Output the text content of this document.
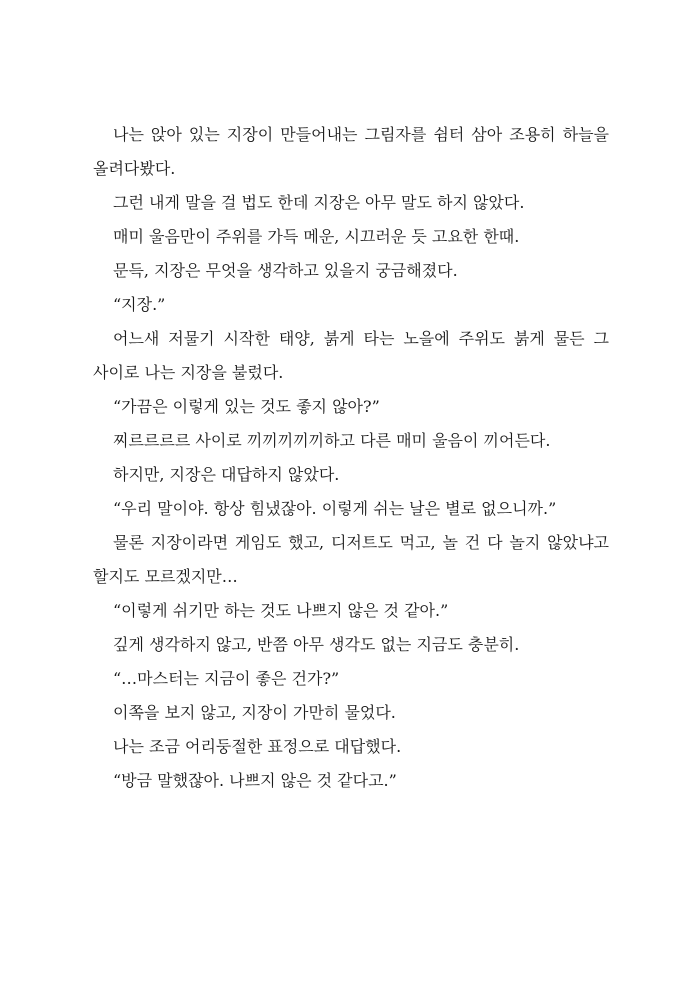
나는 앉아 있는 지장이 만들어내는 그림자를 쉼터 삼아 조용히 하늘을 올려다봤다.

그런 내게 말을 걸 법도 한데 지장은 아무 말도 하지 않았다.

매미 울음만이 주위를 가득 메운, 시끄러운 듯 고요한 한때.

문득, 지장은 무엇을 생각하고 있을지 궁금해졌다.

“지장.”

어느새 저물기 시작한 태양, 붉게 타는 노을에 주위도 붉게 물든 그 사이로 나는 지장을 불렀다.

“가끔은 이렇게 있는 것도 좋지 않아?”

찌르르르르 사이로 끼끼끼끼끼하고 다른 매미 울음이 끼어든다.

하지만, 지장은 대답하지 않았다.

“우리 말이야. 항상 힘냈잖아. 이렇게 쉬는 날은 별로 없으니까.”

물론 지장이라면 게임도 했고, 디저트도 먹고, 놀 건 다 놀지 않았냐고 할지도 모르겠지만…

“이렇게 쉬기만 하는 것도 나쁘지 않은 것 같아.”

깊게 생각하지 않고, 반쯤 아무 생각도 없는 지금도 충분히.

“…마스터는 지금이 좋은 건가?”

이쪽을 보지 않고, 지장이 가만히 물었다.

나는 조금 어리둥절한 표정으로 대답했다.

“방금 말했잖아. 나쁘지 않은 것 같다고.”
